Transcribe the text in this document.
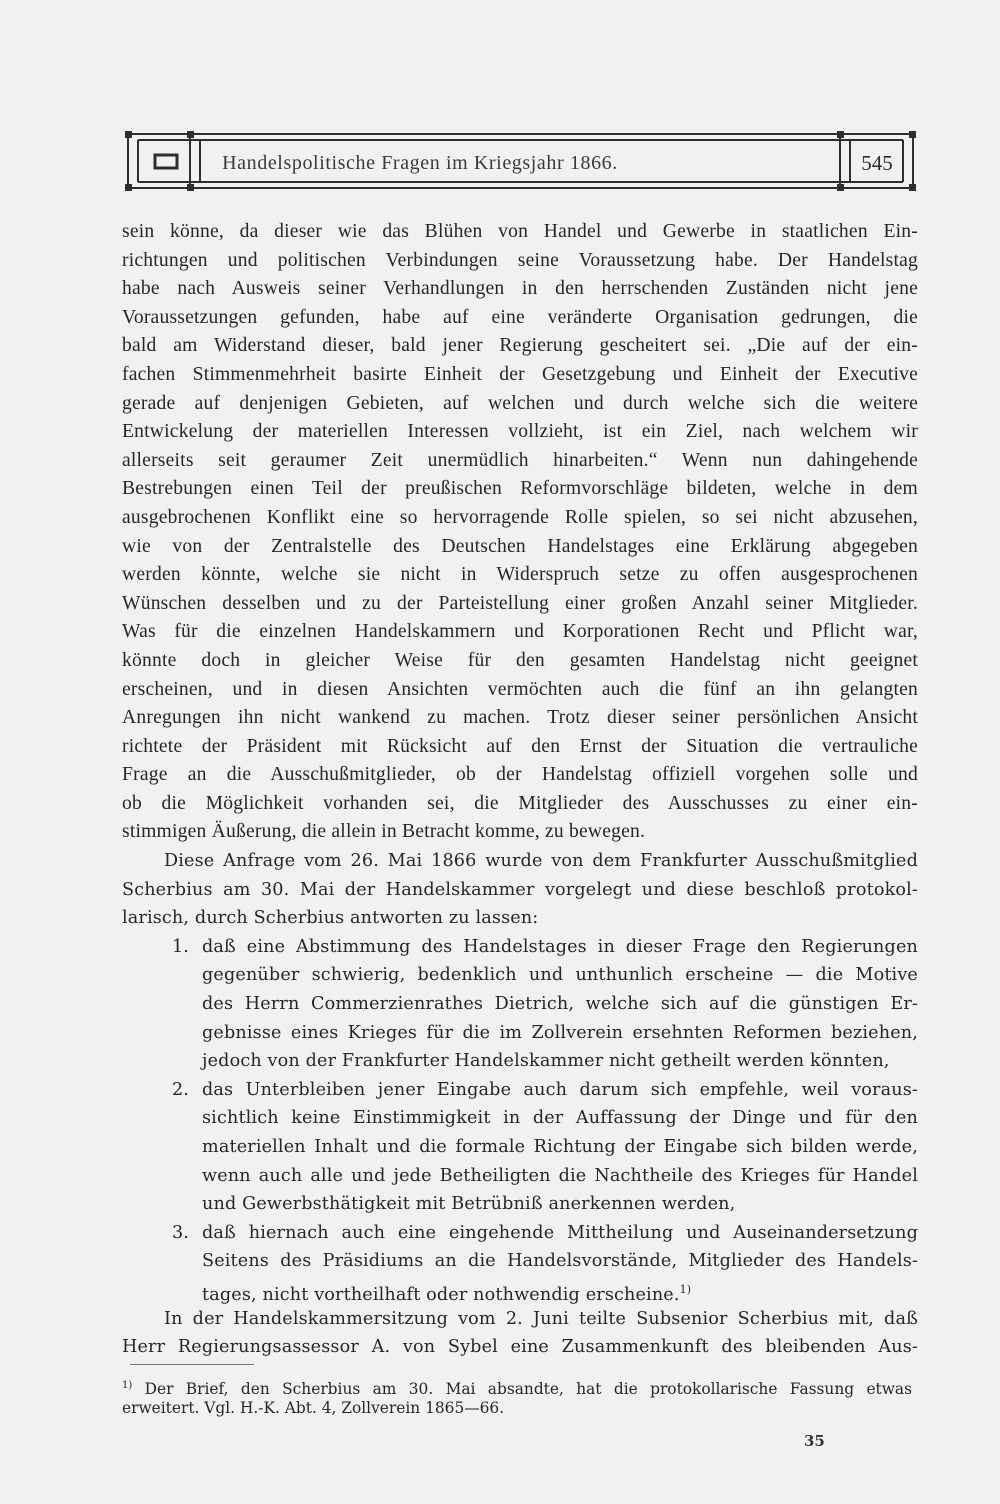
Handelspolitische Fragen im Kriegsjahr 1866.	545
sein könne, da dieser wie das Blühen von Handel und Gewerbe in staatlichen Ein-
richtungen und politischen Verbindungen seine Voraussetzung habe. Der Handelstag
habe nach Ausweis seiner Verhandlungen in den herrschenden Zuständen nicht jene
Voraussetzungen gefunden, habe auf eine veränderte Organisation gedrungen, die
bald am Widerstand dieser, bald jener Regierung gescheitert sei. „Die auf der ein-
fachen Stimmenmehrheit basirte Einheit der Gesetzgebung und Einheit der Executive
gerade auf denjenigen Gebieten, auf welchen und durch welche sich die weitere
Entwickelung der materiellen Interessen vollzieht, ist ein Ziel, nach welchem wir
allerseits seit geraumer Zeit unermüdlich hinarbeiten.“ Wenn nun dahingehende
Bestrebungen einen Teil der preußischen Reformvorschläge bildeten, welche in dem
ausgebrochenen Konflikt eine so hervorragende Rolle spielen, so sei nicht abzusehen,
wie von der Zentralstelle des Deutschen Handelstages eine Erklärung abgegeben
werden könnte, welche sie nicht in Widerspruch setze zu offen ausgesprochenen
Wünschen desselben und zu der Parteistellung einer großen Anzahl seiner Mitglieder.
Was für die einzelnen Handelskammern und Korporationen Recht und Pflicht war,
könnte doch in gleicher Weise für den gesamten Handelstag nicht geeignet
erscheinen, und in diesen Ansichten vermöchten auch die fünf an ihn gelangten
Anregungen ihn nicht wankend zu machen. Trotz dieser seiner persönlichen Ansicht
richtete der Präsident mit Rücksicht auf den Ernst der Situation die vertrauliche
Frage an die Ausschußmitglieder, ob der Handelstag offiziell vorgehen solle und
ob die Möglichkeit vorhanden sei, die Mitglieder des Ausschusses zu einer ein-
stimmigen Äußerung, die allein in Betracht komme, zu bewegen.
Diese Anfrage vom 26. Mai 1866 wurde von dem Frankfurter Ausschußmitglied
Scherbius am 30. Mai der Handelskammer vorgelegt und diese beschloß protokol-
larisch, durch Scherbius antworten zu lassen:
1. daß eine Abstimmung des Handelstages in dieser Frage den Regierungen
gegenüber schwierig, bedenklich und unthunlich erscheine — die Motive
des Herrn Commerzienrathes Dietrich, welche sich auf die günstigen Er-
gebnisse eines Krieges für die im Zollverein ersehnten Reformen beziehen,
jedoch von der Frankfurter Handelskammer nicht getheilt werden könnten,
2. das Unterbleiben jener Eingabe auch darum sich empfehle, weil voraus-
sichtlich keine Einstimmigkeit in der Auffassung der Dinge und für den
materiellen Inhalt und die formale Richtung der Eingabe sich bilden werde,
wenn auch alle und jede Betheiligten die Nachtheile des Krieges für Handel
und Gewerbsthätigkeit mit Betrübniß anerkennen werden,
3. daß hiernach auch eine eingehende Mittheilung und Auseinandersetzung
Seitens des Präsidiums an die Handelsvorstände, Mitglieder des Handels-
tages, nicht vortheilhaft oder nothwendig erscheine.$^{1)}$
In der Handelskammersitzung vom 2. Juni teilte Subsenior Scherbius mit, daß
Herr Regierungsassessor A. von Sybel eine Zusammenkunft des bleibenden Aus-
$^{1)}$ Der Brief, den Scherbius am 30. Mai absandte, hat die protokollarische Fassung etwas
erweitert. Vgl. H.-K. Abt. 4, Zollverein 1865—66.
35
